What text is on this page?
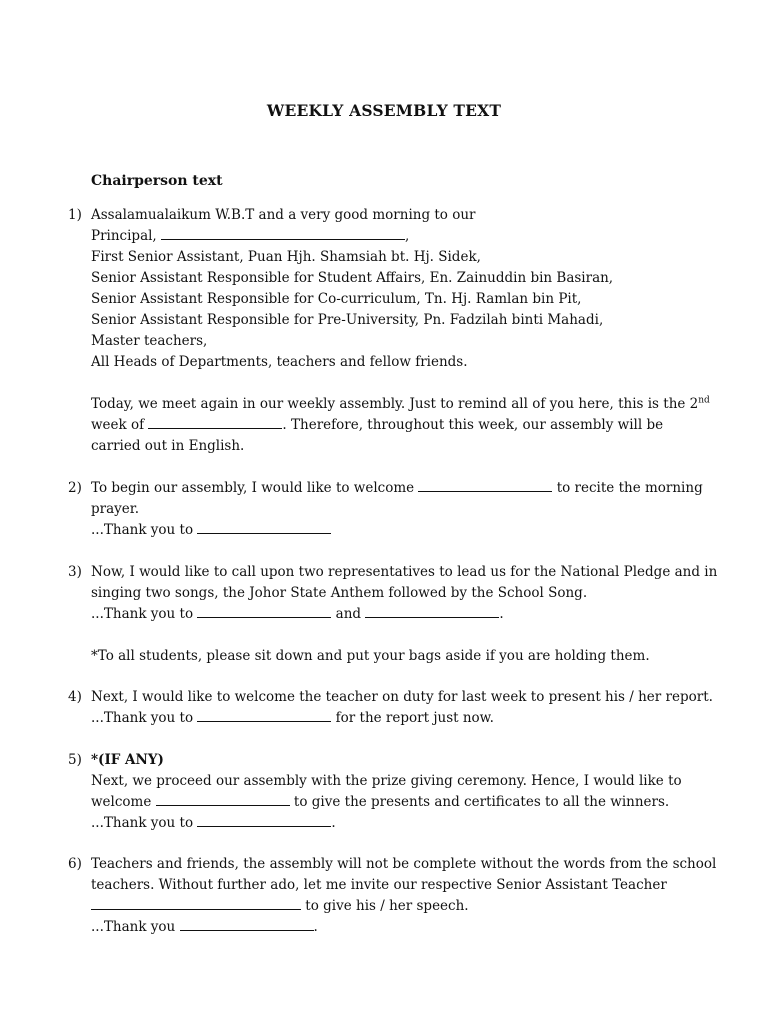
WEEKLY ASSEMBLY TEXT
Chairperson text
1) Assalamualaikum W.B.T and a very good morning to our
Principal,	,
First Senior Assistant, Puan Hjh. Shamsiah bt. Hj. Sidek,
Senior Assistant Responsible for Student Affairs, En. Zainuddin bin Basiran,
Senior Assistant Responsible for Co-curriculum, Tn. Hj. Ramlan bin Pit,
Senior Assistant Responsible for Pre-University, Pn. Fadzilah binti Mahadi,
Master teachers,
All Heads of Departments, teachers and fellow friends.
Today, we meet again in our weekly assembly. Just to remind all of you here, this is the 2nd
week of	. Therefore, throughout this week, our assembly will be
carried out in English.
2) To begin our assembly, I would like to welcome	to recite the morning
prayer.
...Thank you to
3) Now, I would like to call upon two representatives to lead us for the National Pledge and in
singing two songs, the Johor State Anthem followed by the School Song.
...Thank you to	and	.
*To all students, please sit down and put your bags aside if you are holding them.
4) Next, I would like to welcome the teacher on duty for last week to present his / her report.
...Thank you to	for the report just now.
5) *(IF ANY)
Next, we proceed our assembly with the prize giving ceremony. Hence, I would like to
welcome	to give the presents and certificates to all the winners.
...Thank you to	.
6) Teachers and friends, the assembly will not be complete without the words from the school
teachers. Without further ado, let me invite our respective Senior Assistant Teacher
to give his / her speech.
...Thank you	.
